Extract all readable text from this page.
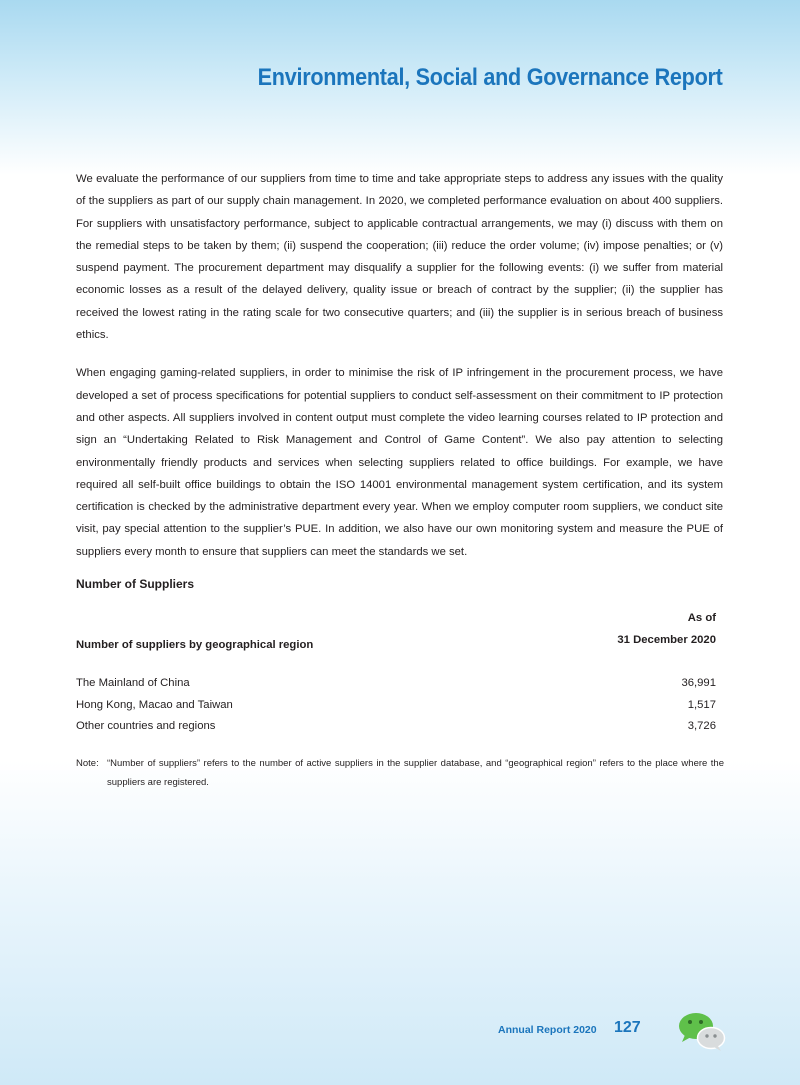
Environmental, Social and Governance Report

We evaluate the performance of our suppliers from time to time and take appropriate steps to address any issues with the quality of the suppliers as part of our supply chain management. In 2020, we completed performance evaluation on about 400 suppliers. For suppliers with unsatisfactory performance, subject to applicable contractual arrangements, we may (i) discuss with them on the remedial steps to be taken by them; (ii) suspend the cooperation; (iii) reduce the order volume; (iv) impose penalties; or (v) suspend payment. The procurement department may disqualify a supplier for the following events: (i) we suffer from material economic losses as a result of the delayed delivery, quality issue or breach of contract by the supplier; (ii) the supplier has received the lowest rating in the rating scale for two consecutive quarters; and (iii) the supplier is in serious breach of business ethics.

When engaging gaming-related suppliers, in order to minimise the risk of IP infringement in the procurement process, we have developed a set of process specifications for potential suppliers to conduct self-assessment on their commitment to IP protection and other aspects. All suppliers involved in content output must complete the video learning courses related to IP protection and sign an “Undertaking Related to Risk Management and Control of Game Content”. We also pay attention to selecting environmentally friendly products and services when selecting suppliers related to office buildings. For example, we have required all self-built office buildings to obtain the ISO 14001 environmental management system certification, and its system certification is checked by the administrative department every year. When we employ computer room suppliers, we conduct site visit, pay special attention to the supplier’s PUE. In addition, we also have our own monitoring system and measure the PUE of suppliers every month to ensure that suppliers can meet the standards we set.

Number of Suppliers
Number of suppliers by geographical region
As of
31 December 2020
The Mainland of China	36,991
Hong Kong, Macao and Taiwan	1,517
Other countries and regions	3,726
Note: “Number of suppliers” refers to the number of active suppliers in the supplier database, and “geographical region” refers to the place where the suppliers are registered.
Annual Report 2020 127
